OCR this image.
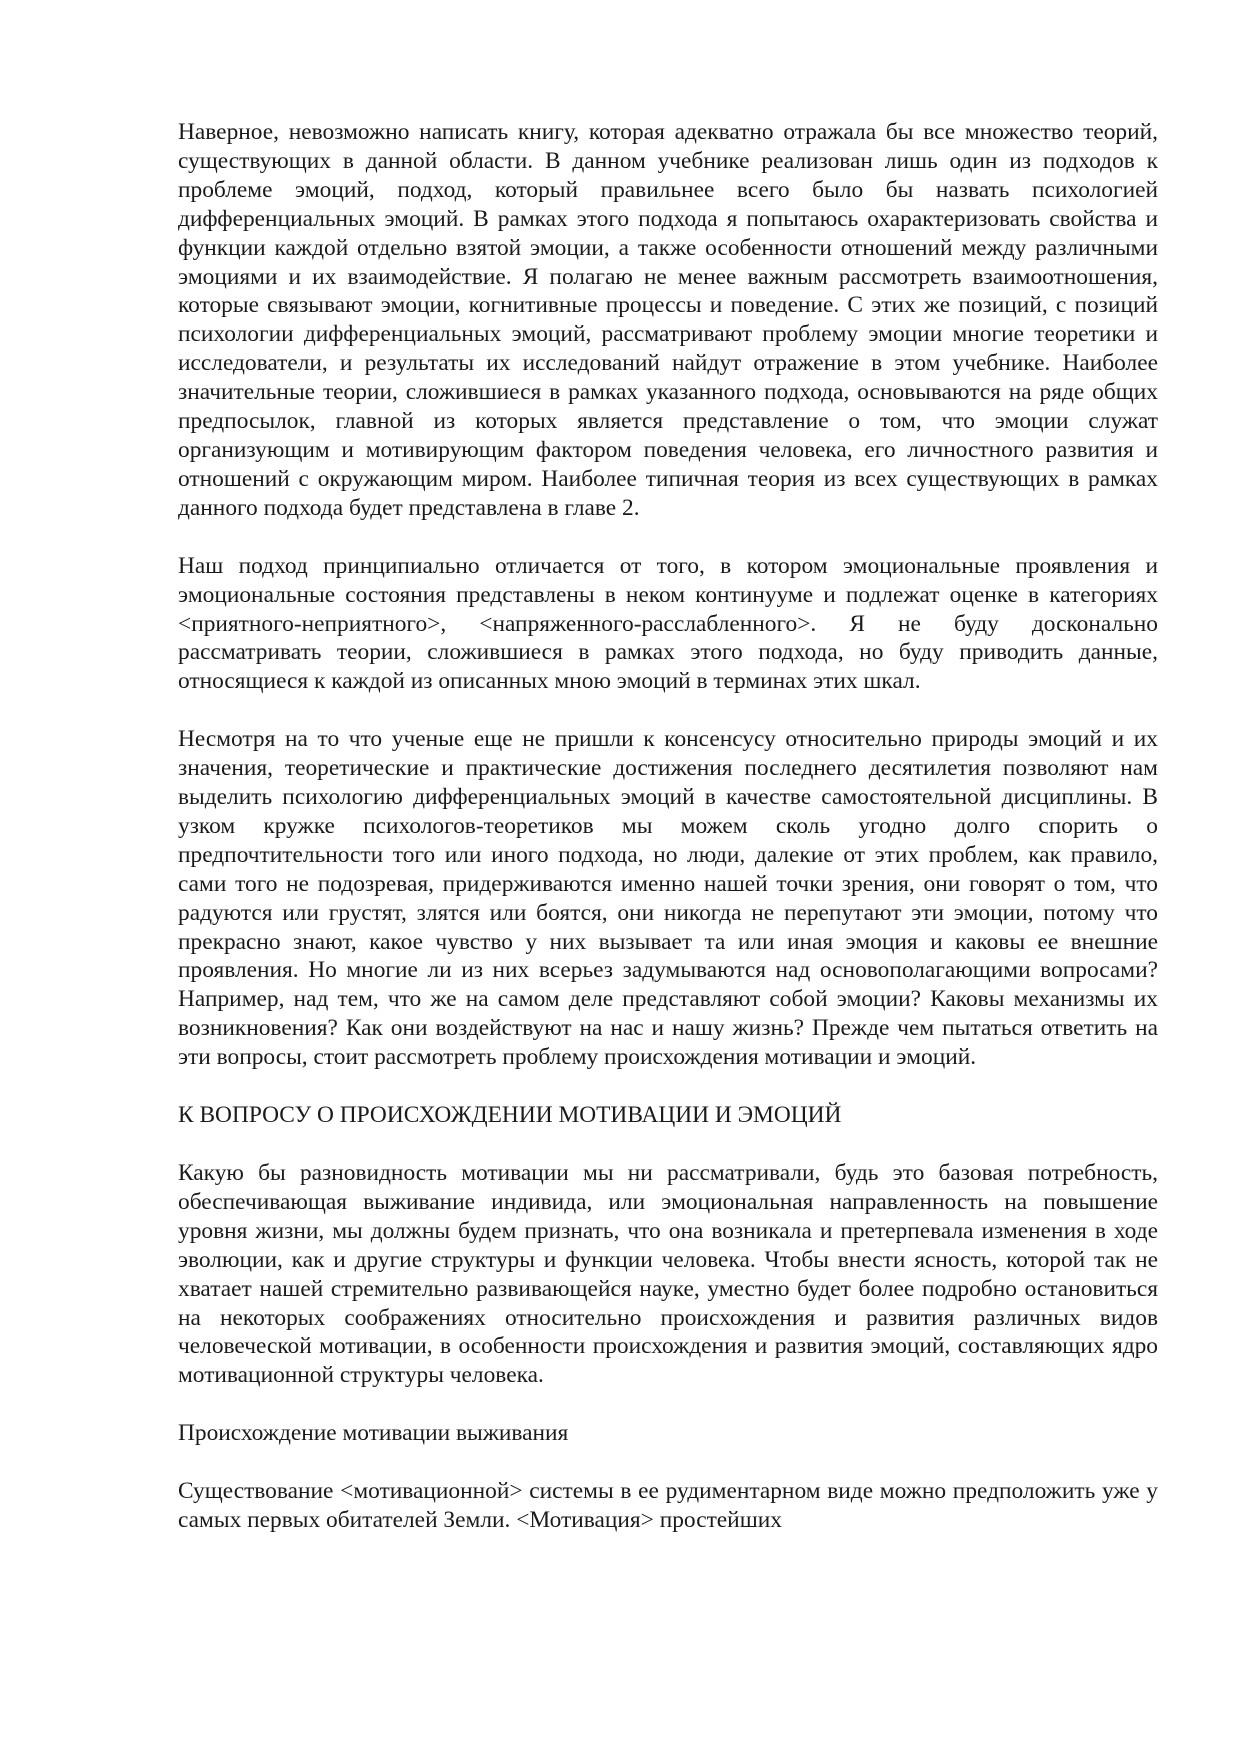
Наверное, невозможно написать книгу, которая адекватно отражала бы все множество теорий, существующих в данной области. В данном учебнике реализован лишь один из подходов к проблеме эмоций, подход, который правильнее всего было бы назвать психологией дифференциальных эмоций. В рамках этого подхода я попытаюсь охарактеризовать свойства и функции каждой отдельно взятой эмоции, а также особенности отношений между различными эмоциями и их взаимодействие. Я полагаю не менее важным рассмотреть взаимоотношения, которые связывают эмоции, когнитивные процессы и поведение. С этих же позиций, с позиций психологии дифференциальных эмоций, рассматривают проблему эмоции многие теоретики и исследователи, и результаты их исследований найдут отражение в этом учебнике. Наиболее значительные теории, сложившиеся в рамках указанного подхода, основываются на ряде общих предпосылок, главной из которых является представление о том, что эмоции служат организующим и мотивирующим фактором поведения человека, его личностного развития и отношений с окружающим миром. Наиболее типичная теория из всех существующих в рамках данного подхода будет представлена в главе 2.

Наш подход принципиально отличается от того, в котором эмоциональные проявления и эмоциональные состояния представлены в неком континууме и подлежат оценке в категориях <приятного-неприятного>, <напряженного-расслабленного>. Я не буду досконально рассматривать теории, сложившиеся в рамках этого подхода, но буду приводить данные, относящиеся к каждой из описанных мною эмоций в терминах этих шкал.

Несмотря на то что ученые еще не пришли к консенсусу относительно природы эмоций и их значения, теоретические и практические достижения последнего десятилетия позволяют нам выделить психологию дифференциальных эмоций в качестве самостоятельной дисциплины. В узком кружке психологов-теоретиков мы можем сколь угодно долго спорить о предпочтительности того или иного подхода, но люди, далекие от этих проблем, как правило, сами того не подозревая, придерживаются именно нашей точки зрения, они говорят о том, что радуются или грустят, злятся или боятся, они никогда не перепутают эти эмоции, потому что прекрасно знают, какое чувство у них вызывает та или иная эмоция и каковы ее внешние проявления. Но многие ли из них всерьез задумываются над основополагающими вопросами? Например, над тем, что же на самом деле представляют собой эмоции? Каковы механизмы их возникновения? Как они воздействуют на нас и нашу жизнь? Прежде чем пытаться ответить на эти вопросы, стоит рассмотреть проблему происхождения мотивации и эмоций.

К ВОПРОСУ О ПРОИСХОЖДЕНИИ МОТИВАЦИИ И ЭМОЦИЙ

Какую бы разновидность мотивации мы ни рассматривали, будь это базовая потребность, обеспечивающая выживание индивида, или эмоциональная направленность на повышение уровня жизни, мы должны будем признать, что она возникала и претерпевала изменения в ходе эволюции, как и другие структуры и функции человека. Чтобы внести ясность, которой так не хватает нашей стремительно развивающейся науке, уместно будет более подробно остановиться на некоторых соображениях относительно происхождения и развития различных видов человеческой мотивации, в особенности происхождения и развития эмоций, составляющих ядро мотивационной структуры человека.

Происхождение мотивации выживания

Существование <мотивационной> системы в ее рудиментарном виде можно предположить уже у самых первых обитателей Земли. <Мотивация> простейших
